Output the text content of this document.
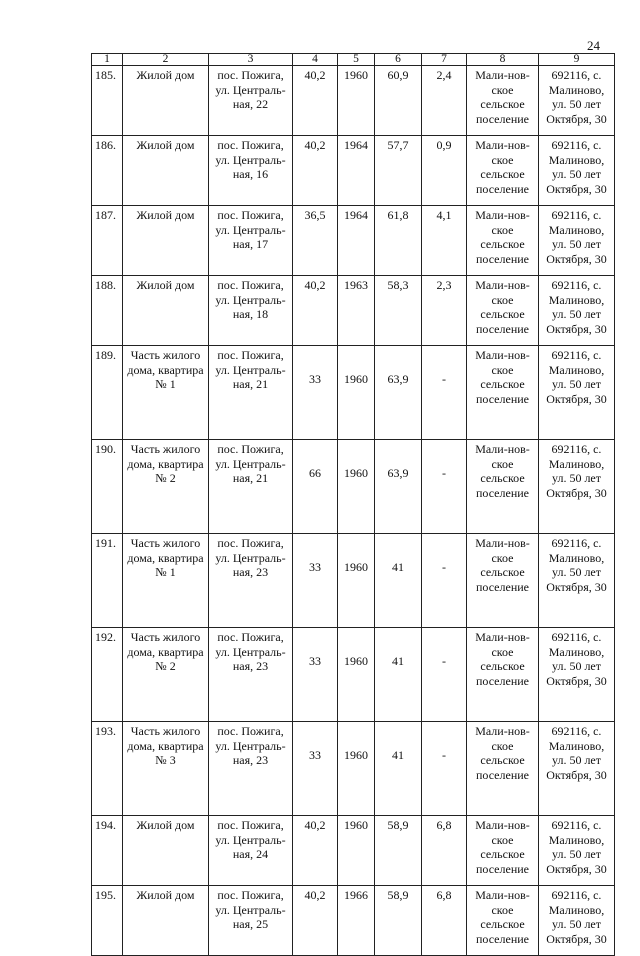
24
1	2	3	4	5	6	7	8	9
185.	Жилой дом	пос. Пожига, ул. Централь-ная, 22	40,2	1960	60,9	2,4	Мали-нов-ское сельское поселение	692116, с. Малиново, ул. 50 лет Октября, 30
186.	Жилой дом	пос. Пожига, ул. Централь-ная, 16	40,2	1964	57,7	0,9	Мали-нов-ское сельское поселение	692116, с. Малиново, ул. 50 лет Октября, 30
187.	Жилой дом	пос. Пожига, ул. Централь-ная, 17	36,5	1964	61,8	4,1	Мали-нов-ское сельское поселение	692116, с. Малиново, ул. 50 лет Октября, 30
188.	Жилой дом	пос. Пожига, ул. Централь-ная, 18	40,2	1963	58,3	2,3	Мали-нов-ское сельское поселение	692116, с. Малиново, ул. 50 лет Октября, 30
189.	Часть жилого дома, квартира № 1	пос. Пожига, ул. Централь-ная, 21	33	1960	63,9	-	Мали-нов-ское сельское поселение	692116, с. Малиново, ул. 50 лет Октября, 30
190.	Часть жилого дома, квартира № 2	пос. Пожига, ул. Централь-ная, 21	66	1960	63,9	-	Мали-нов-ское сельское поселение	692116, с. Малиново, ул. 50 лет Октября, 30
191.	Часть жилого дома, квартира № 1	пос. Пожига, ул. Централь-ная, 23	33	1960	41	-	Мали-нов-ское сельское поселение	692116, с. Малиново, ул. 50 лет Октября, 30
192.	Часть жилого дома, квартира № 2	пос. Пожига, ул. Централь-ная, 23	33	1960	41	-	Мали-нов-ское сельское поселение	692116, с. Малиново, ул. 50 лет Октября, 30
193.	Часть жилого дома, квартира № 3	пос. Пожига, ул. Централь-ная, 23	33	1960	41	-	Мали-нов-ское сельское поселение	692116, с. Малиново, ул. 50 лет Октября, 30
194.	Жилой дом	пос. Пожига, ул. Централь-ная, 24	40,2	1960	58,9	6,8	Мали-нов-ское сельское поселение	692116, с. Малиново, ул. 50 лет Октября, 30
195.	Жилой дом	пос. Пожига, ул. Централь-ная, 25	40,2	1966	58,9	6,8	Мали-нов-ское сельское поселение	692116, с. Малиново, ул. 50 лет Октября, 30
